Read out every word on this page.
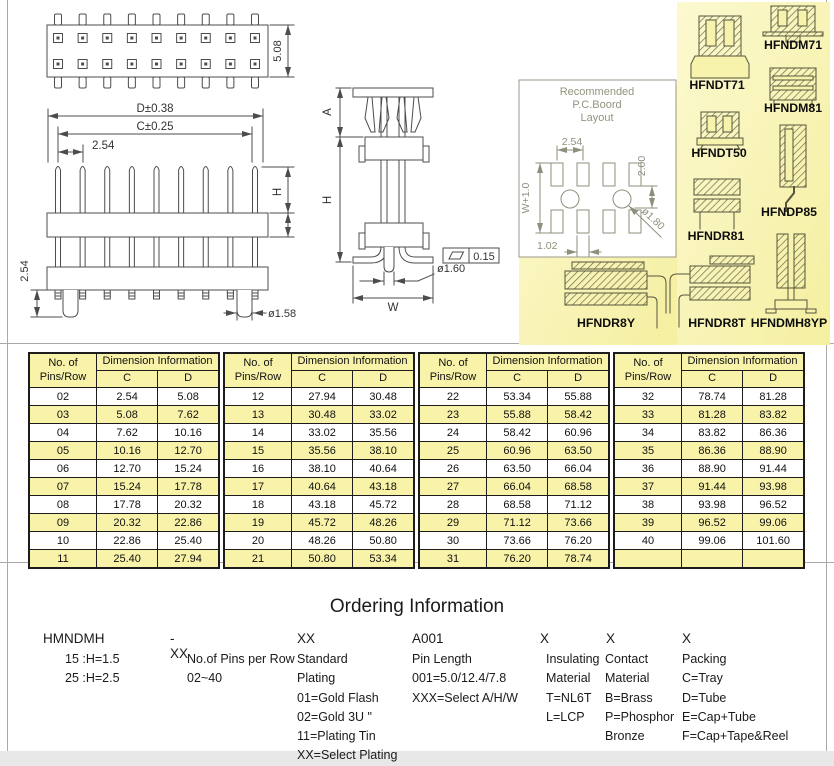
5.08
D±0.38
C±0.25
2.54
H
2.54
ø1.58
A
H
W
0.15
ø1.60
Recommended
P.C.Boord
Layout
2.54
2.00
W+1.0
ø1.80
1.02
HFNDT71
HFNDM71
HFNDM81
HFNDT50
HFNDP85
HFNDR81
HFNDR8Y	HFNDR8T HFNDMH8YP
No. of
Pins/Row	Dimension Information	
	C	D
02	2.54	5.08
03	5.08	7.62
04	7.62	10.16
05	10.16	12.70
06	12.70	15.24
07	15.24	17.78
08	17.78	20.32
09	20.32	22.86
10	22.86	25.40
11	25.40	27.94
No. of
Pins/Row	Dimension Information	
	C	D
12	27.94	30.48
13	30.48	33.02
14	33.02	35.56
15	35.56	38.10
16	38.10	40.64
17	40.64	43.18
18	43.18	45.72
19	45.72	48.26
20	48.26	50.80
21	50.80	53.34
No. of
Pins/Row	Dimension Information	
	C	D
22	53.34	55.88
23	55.88	58.42
24	58.42	60.96
25	60.96	63.50
26	63.50	66.04
27	66.04	68.58
28	68.58	71.12
29	71.12	73.66
30	73.66	76.20
31	76.20	78.74
No. of
Pins/Row	Dimension Information	
	C	D
32	78.74	81.28
33	81.28	83.82
34	83.82	86.36
35	86.36	88.90
36	88.90	91.44
37	91.44	93.98
38	93.98	96.52
39	96.52	99.06
40	99.06	101.60

Ordering Information
HMNDMH
15 :H=1.5
25 :H=2.5
- XX
No.of Pins per Row
02~40
XX
Standard
Plating
01=Gold Flash
02=Gold 3U "
11=Plating Tin
XX=Select Plating
A001
Pin Length
001=5.0/12.4/7.8
XXX=Select A/H/W
X
Insulating
Material
T=NL6T
L=LCP
X
Contact
Material
B=Brass
P=Phosphor
Bronze
X
Packing
C=Tray
D=Tube
E=Cap+Tube
F=Cap+Tape&Reel
